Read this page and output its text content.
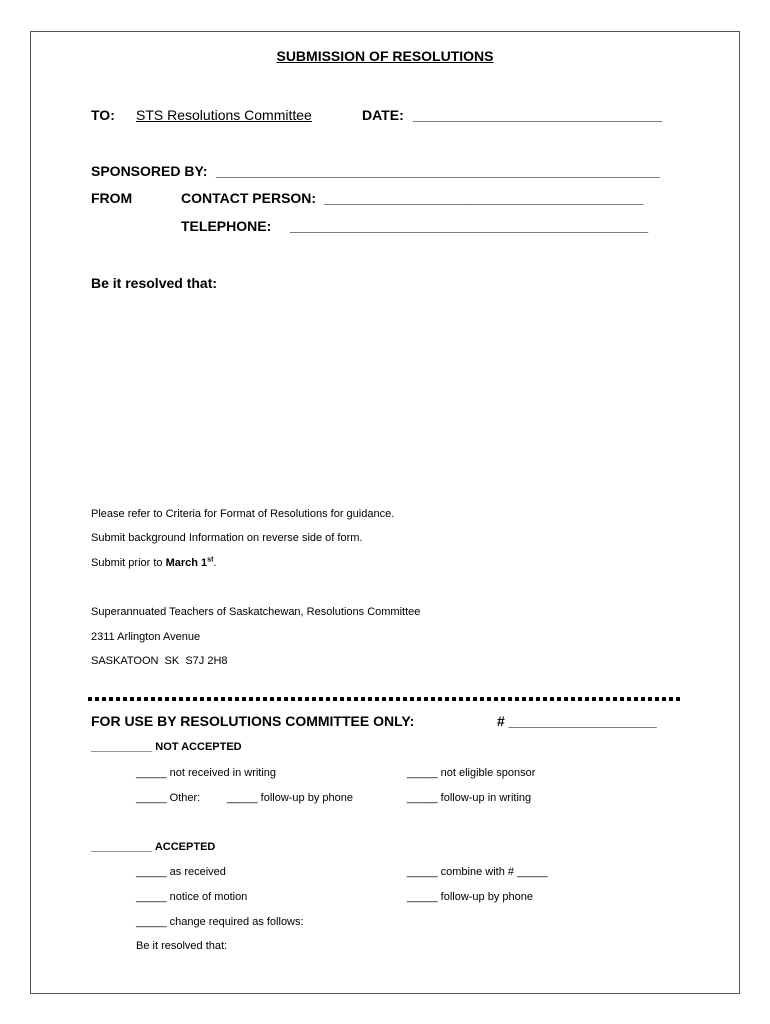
SUBMISSION OF RESOLUTIONS
TO: STS Resolutions Committee	DATE: ________________________________
SPONSORED BY: _________________________________________________________
FROM	CONTACT PERSON: _________________________________________
TELEPHONE: ______________________________________________
Be it resolved that:
Please refer to Criteria for Format of Resolutions for guidance.
Submit background Information on reverse side of form.
Submit prior to March 1st.
Superannuated Teachers of Saskatchewan, Resolutions Committee
2311 Arlington Avenue
SASKATOON  SK  S7J 2H8
FOR USE BY RESOLUTIONS COMMITTEE ONLY:	# ___________________
__________ NOT ACCEPTED
_____ not received in writing	_____ not eligible sponsor
_____ Other: _____ follow-up by phone	_____ follow-up in writing
__________ ACCEPTED
_____ as received	_____ combine with # _____
_____ notice of motion	_____ follow-up by phone
_____ change required as follows:
Be it resolved that:
